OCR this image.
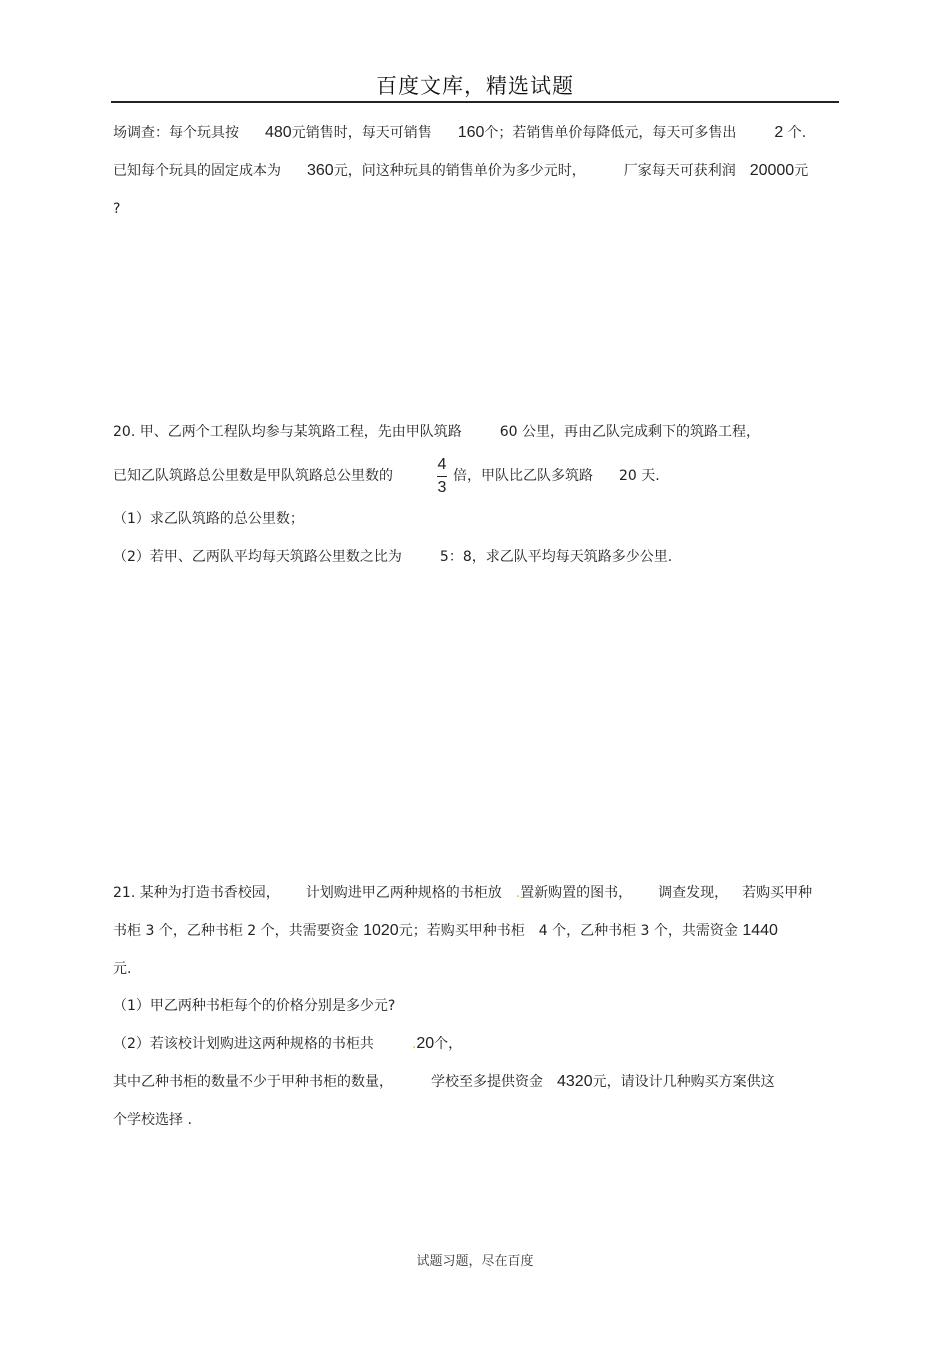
百度文库，精选试题
场调查：每个玩具按 480元销售时，每天可销售 160个；若销售单价每降低元，每天可多售出 2 个.
已知每个玩具的固定成本为 360元，问这种玩具的销售单价为多少元时，	厂家每天可获利润 20000元
?
20. 甲、乙两个工程队均参与某筑路工程，先由甲队筑路	60 公里，再由乙队完成剩下的筑路工程，
已知乙队筑路总公里数是甲队筑路总公里数的	$\frac{4}{3}$ 倍，甲队比乙队多筑路 20 天.
（1）求乙队筑路的总公里数；
（2）若甲、乙两队平均每天筑路公里数之比为	5：8，求乙队平均每天筑路多少公里.
21. 某种为打造书香校园， 计划购进甲乙两种规格的书柜放 .置新购置的图书， 调查发现， 若购买甲种
书柜 3 个，乙种书柜 2 个，共需要资金 1020元；若购买甲种书柜 4 个，乙种书柜 3 个，共需资金 1440
元.
（1）甲乙两种书柜每个的价格分别是多少元?
（2）若该校计划购进这两种规格的书柜共	.20个，
其中乙种书柜的数量不少于甲种书柜的数量，	学校至多提供资金 4320元，请设计几种购买方案供这
个学校选择 .
试题习题，尽在百度
